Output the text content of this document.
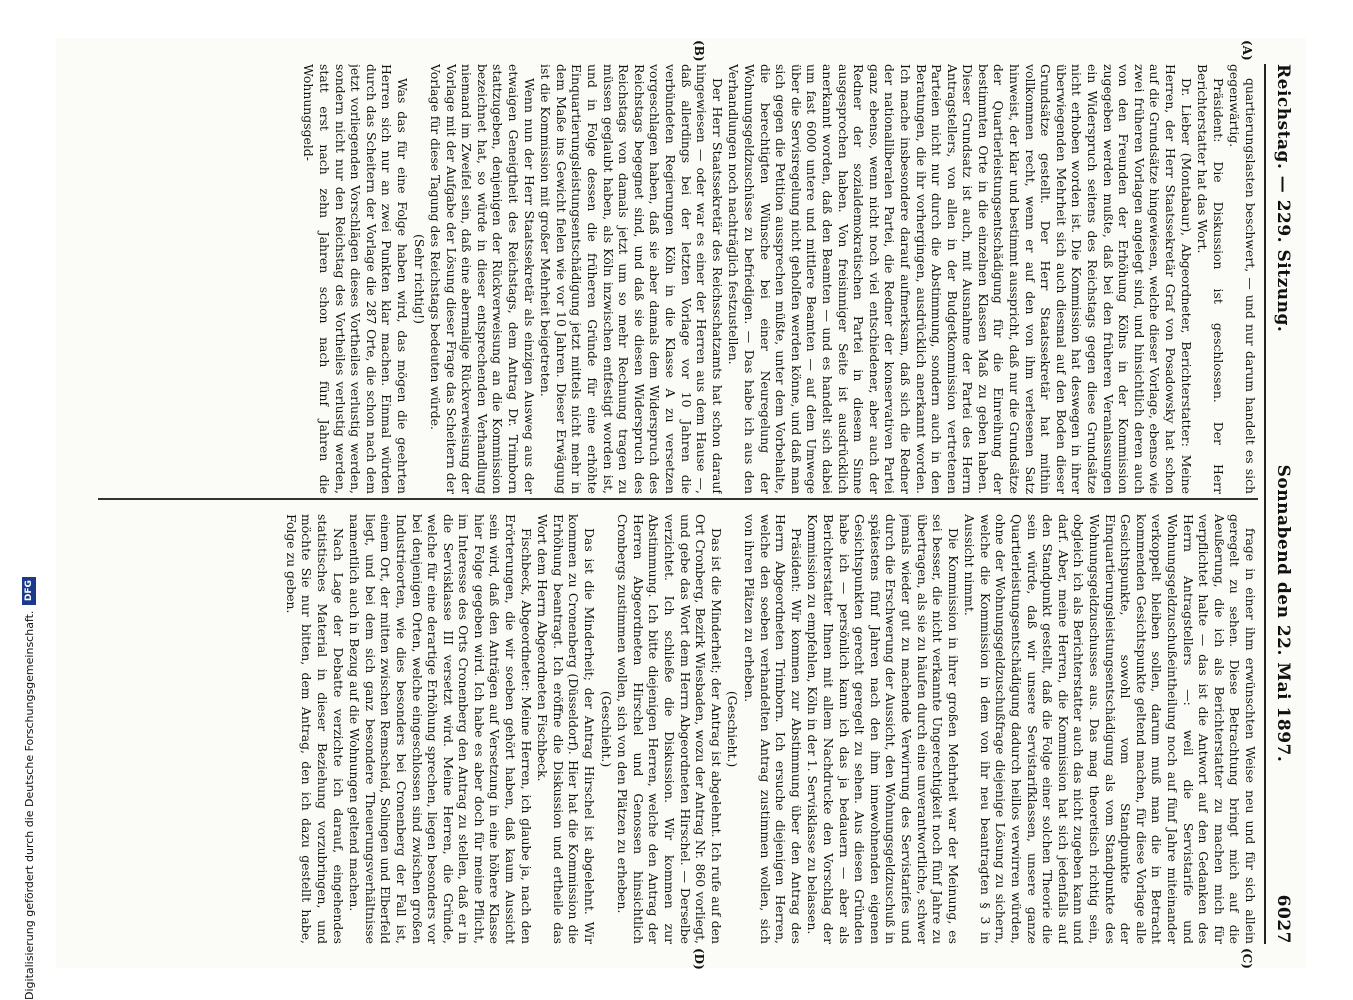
Reichstag. — 229. Sitzung.
Sonnabend den 22. Mai 1897.
6027
(A)
(B)
(C)
(D)

quartierungslasten beschwert, — und nur darum handelt es sich gegenwärtig.

Präsident: Die Diskussion ist geschlossen. Der Herr Berichterstatter hat das Wort.

Dr. Lieber (Montabaur), Abgeordneter, Berichterstatter: Meine Herren, der Herr Staatssekretär Graf von Posadowsky hat schon auf die Grundsätze hingewiesen, welche dieser Vorlage, ebenso wie zwei früheren Vorlagen angelegt sind, und hinsichtlich deren auch von den Freunden der Erhöhung Kölns in der Kommission zugegeben werden mußte, daß bei den früheren Veranlassungen ein Widerspruch seitens des Reichstags gegen diese Grundsätze nicht erhoben worden ist. Die Kommission hat deswegen in ihrer überwiegenden Mehrheit sich auch diesmal auf den Boden dieser Grundsätze gestellt. Der Herr Staatssekretär hat mithin vollkommen recht, wenn er auf den von ihm verlesenen Satz hinweist, der klar und bestimmt ausspricht, daß nur die Grundsätze der Quartierleistungsentschädigung für die Einreihung der bestimmten Orte in die einzelnen Klassen Maß zu geben haben. Dieser Grundsatz ist auch, mit Ausnahme der Partei des Herrn Antragstellers, von allen in der Budgetkommission vertretenen Parteien nicht nur durch die Abstimmung, sondern auch in den Beratungen, die ihr vorhergingen, ausdrücklich anerkannt worden. Ich mache insbesondere darauf aufmerksam, daß sich die Redner der nationalliberalen Partei, die Redner der konservativen Partei ganz ebenso, wenn nicht noch viel entschiedener, aber auch der Redner der sozialdemokratischen Partei in diesem Sinne ausgesprochen haben. Von freisinniger Seite ist ausdrücklich anerkannt worden, daß den Beamten — und es handelt sich dabei um fast 6000 untere und mittlere Beamten — auf dem Umwege über die Servisregelung nicht geholfen werden könne, und daß man sich gegen die Petition aussprechen müßte, unter dem Vorbehalte, die berechtigten Wünsche bei einer Neuregelung der Wohnungsgeldzuschüsse zu befriedigen. — Das habe ich aus den Verhandlungen noch nachträglich festzustellen.

Der Herr Staatssekretär des Reichsschatzamts hat schon darauf hingewiesen — oder war es einer der Herren aus dem Hause —, daß allerdings bei der letzten Vorlage vor 10 Jahren die verbündeten Regierungen Köln in die Klasse A zu versetzen vorgeschlagen haben, daß sie aber damals dem Widerspruch des Reichstags begegnet sind, und daß sie diesen Widerspruch des Reichstags von damals jetzt um so mehr Rechnung tragen zu müssen geglaubt haben, als Köln inzwischen entfestigt worden ist, und in Folge dessen die früheren Gründe für eine erhöhte Einquartierungsleistungsentschädigung jetzt mittels nicht mehr in dem Maße ins Gewicht fielen wie vor 10 Jahren. Dieser Erwägung ist die Kommission mit großer Mehrheit beigetreten.

Wenn nun der Herr Staatssekretär als einzigen Ausweg aus der etwaigen Geneigtheit des Reichstags, dem Antrag Dr. Trimborn stattzugeben, denjenigen der Rückverweisung an die Kommission bezeichnet hat, so würde in dieser entsprechenden Verhandlung niemand im Zweifel sein, daß eine abermalige Rückverweisung der Vorlage mit der Aufgabe der Lösung dieser Frage das Scheitern der Vorlage für diese Tagung des Reichstags bedeuten würde.

(Sehr richtig!)

Was das für eine Folge haben wird, das mögen die geehrten Herren sich nur an zwei Punkten klar machen. Einmal würden durch das Scheitern der Vorlage die 287 Orte, die schon nach dem jetzt vorliegenden Vorschlägen dieses Vortheiles verlustig werden, sondern nicht nur den Reichstag des Vortheiles verlustig werden, statt erst nach zehn Jahren schon nach fünf Jahren die Wohnungsgeld-

frage in einer ihm erwünschten Weise neu und für sich allein geregelt zu sehen. Diese Betrachtung bringt mich auf die Aeußerung, die ich als Berichterstatter zu machen mich für verpflichtet halte — das ist die Antwort auf den Gedanken des Herrn Antragstellers —: weil die Servistarife und Wohnungsgeldzuschußeintheilung noch auf fünf Jahre miteinander verkoppelt bleiben sollen, darum muß man die in Betracht kommenden Gesichtspunkte geltend machen, für diese Vorlage alle Gesichtspunkte, sowohl vom Standpunkte der Einquartierungsleistungsentschädigung als vom Standpunkte des Wohnungsgeldzuschusses aus. Das mag theoretisch richtig sein, obgleich ich als Berichterstatter auch das nicht zugeben kann und darf. Aber, meine Herren, die Kommission hat sich jedenfalls auf den Standpunkt gestellt, daß die Folge einer solchen Theorie die sein würde, daß wir unsere Servistarifklassen, unsere ganze Quartierleistungsentschädigung dadurch heillos verwirren würden, ohne der Wohnungsgeldzuschußfrage diejenige Lösung zu sichern, welche die Kommission in dem von ihr neu beantragten § 3 in Aussicht nimmt.

Die Kommission in ihrer großen Mehrheit war der Meinung, es sei besser, die nicht verkannte Ungerechtigkeit noch fünf Jahre zu übertragen, als sie zu häufen durch eine unverantwortliche, schwer jemals wieder gut zu machende Verwirrung des Servistarifes und durch die Erschwerung der Aussicht, den Wohnungsgeldzuschuß in spätestens fünf Jahren nach den ihm innewohnenden eigenen Gesichtspunkten gerecht geregelt zu sehen. Aus diesen Gründen habe ich — persönlich kann ich das ja bedauern — aber als Berichterstatter Ihnen mit allem Nachdrucke den Vorschlag der Kommission zu empfehlen, Köln in der 1. Servisklasse zu belassen.

Präsident: Wir kommen zur Abstimmung über den Antrag des Herrn Abgeordneten Trimborn. Ich ersuche diejenigen Herren, welche den soeben verhandelten Antrag zustimmen wollen, sich von ihren Plätzen zu erheben.

(Geschieht.)

Das ist die Minderheit; der Antrag ist abgelehnt. Ich rufe auf den Ort Cronberg, Bezirk Wiesbaden, wozu der Antrag Nr. 860 vorliegt, und gebe das Wort dem Herrn Abgeordneten Hirschel. — Derselbe verzichtet. Ich schließe die Diskussion. Wir kommen zur Abstimmung. Ich bitte diejenigen Herren, welche den Antrag der Herren Abgeordneten Hirschel und Genossen hinsichtlich Cronbergs zustimmen wollen, sich von den Plätzen zu erheben.

(Geschieht.)

Das ist die Minderheit; der Antrag Hirschel ist abgelehnt. Wir kommen zu Cronenberg (Düsseldorf). Hier hat die Kommission die Erhöhung beantragt. Ich eröffne die Diskussion und ertheile das Wort dem Herrn Abgeordneten Fischbeck.

Fischbeck, Abgeordneter: Meine Herren, ich glaube ja, nach den Erörterungen, die wir soeben gehört haben, daß kaum Aussicht sein wird, daß den Anträgen auf Versetzung in eine höhere Klasse hier Folge gegeben wird. Ich habe es aber doch für meine Pflicht, im Interesse des Orts Cronenberg den Antrag zu stellen, daß er in die Servisklasse III versetzt wird. Meine Herren, die Gründe, welche für eine derartige Erhöhung sprechen, liegen besonders vor bei denjenigen Orten, welche eingeschlossen sind zwischen großen Industrieorten, wie dies besonders bei Cronenberg der Fall ist, einem Ort, der mitten zwischen Remscheid, Solingen und Elberfeld liegt, und bei dem sich ganz besondere Theuerungsverhältnisse namentlich auch in Bezug auf die Wohnungen geltend machen.

Nach Lage der Debatte verzichte ich darauf, eingehendes statistisches Material in dieser Beziehung vorzubringen, und möchte Sie nur bitten, dem Antrag, den ich dazu gestellt habe, Folge zu geben.

Digitalisierung gefördert durch die Deutsche Forschungsgemeinschaft.
DFG
